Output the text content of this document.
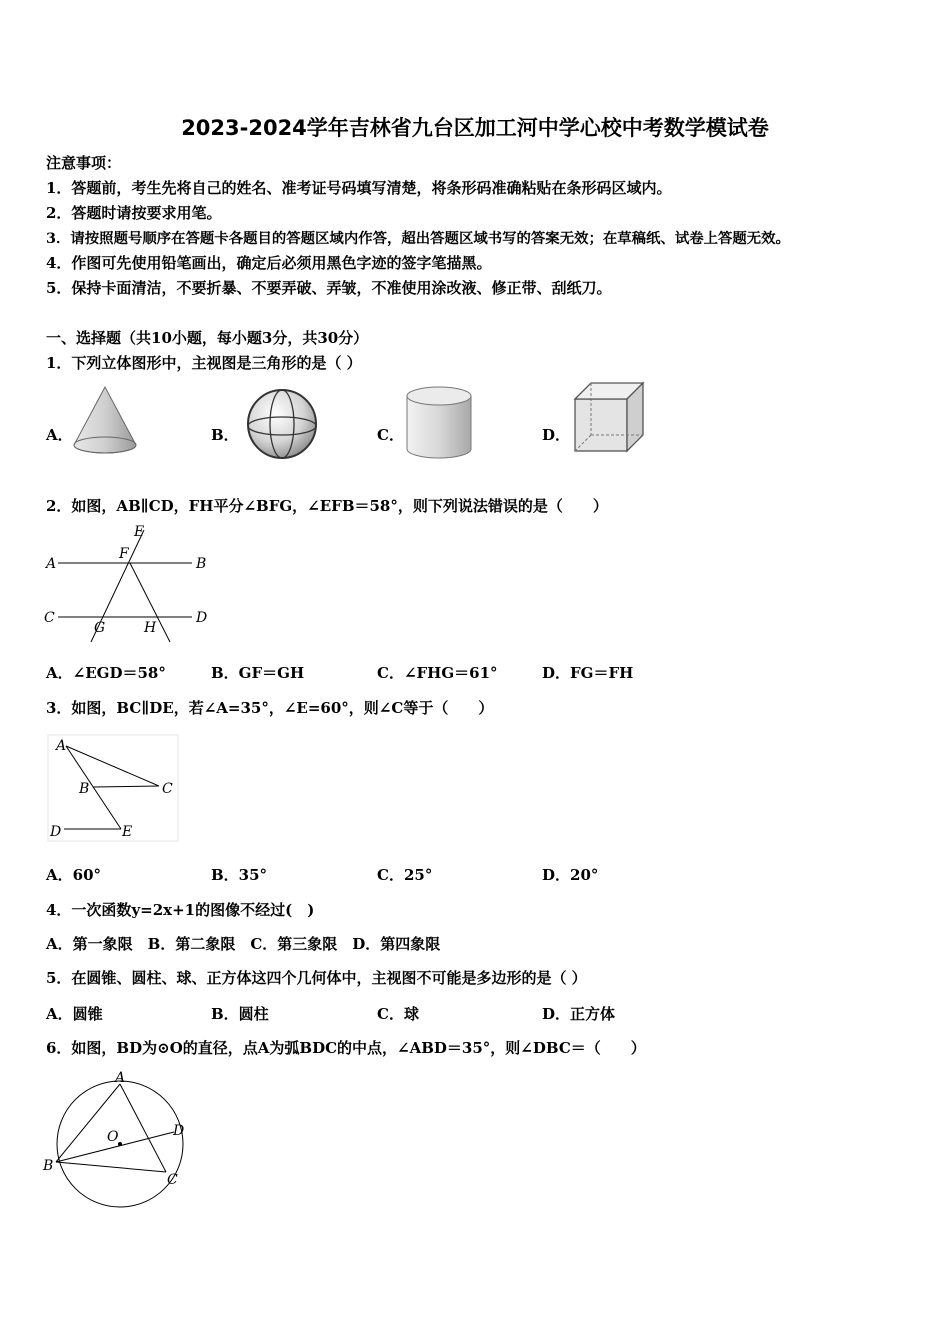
2023-2024学年吉林省九台区加工河中学心校中考数学模试卷
注意事项：
1．答题前，考生先将自己的姓名、准考证号码填写清楚，将条形码准确粘贴在条形码区域内。
2．答题时请按要求用笔。
3．请按照题号顺序在答题卡各题目的答题区域内作答，超出答题区域书写的答案无效；在草稿纸、试卷上答题无效。
4．作图可先使用铅笔画出，确定后必须用黑色字迹的签字笔描黑。
5．保持卡面清洁，不要折暴、不要弄破、弄皱，不准使用涂改液、修正带、刮纸刀。
一、选择题（共10小题，每小题3分，共30分）
1．下列立体图形中，主视图是三角形的是（ ）
A．	B．	C．	D．
2．如图，AB∥CD，FH平分∠BFG，∠EFB＝58°，则下列说法错误的是（　　）
A	B
C	D
E
F
G	H
A．∠EGD＝58°	B．GF＝GH	C．∠FHG＝61°	D．FG＝FH
3．如图，BC∥DE，若∠A=35°，∠E=60°，则∠C等于（　　）
A
B	C
D	E
A．60°	B．35°	C．25°	D．20°
4．一次函数y=2x+1的图像不经过(　)
A．第一象限　B．第二象限　C．第三象限　D．第四象限
5．在圆锥、圆柱、球、正方体这四个几何体中，主视图不可能是多边形的是（ ）
A．圆锥	B．圆柱	C．球	D．正方体
6．如图，BD为⊙O的直径，点A为弧BDC的中点，∠ABD＝35°，则∠DBC＝（　　）
A
O	D
B
C
